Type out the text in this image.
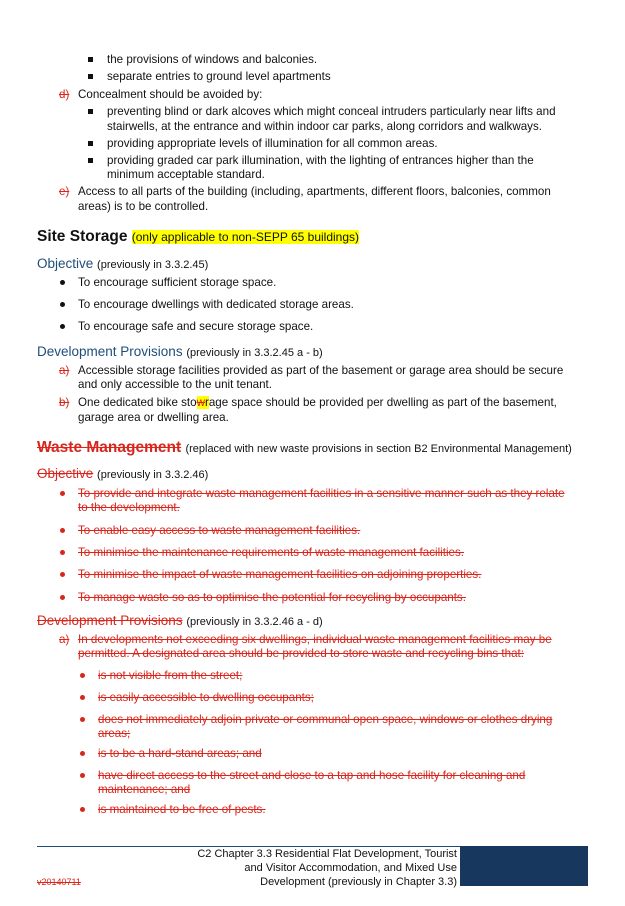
the provisions of windows and balconies.
separate entries to ground level apartments
d) Concealment should be avoided by:
preventing blind or dark alcoves which might conceal intruders particularly near lifts and
stairwells, at the entrance and within indoor car parks, along corridors and walkways.
providing appropriate levels of illumination for all common areas.
providing graded car park illumination, with the lighting of entrances higher than the
minimum acceptable standard.
e) Access to all parts of the building (including, apartments, different floors, balconies, common
areas) is to be controlled.
Site Storage (only applicable to non-SEPP 65 buildings)
Objective (previously in 3.3.2.45)
To encourage sufficient storage space.
To encourage dwellings with dedicated storage areas.
To encourage safe and secure storage space.
Development Provisions (previously in 3.3.2.45 a - b)
a) Accessible storage facilities provided as part of the basement or garage area should be secure
and only accessible to the unit tenant.
b) One dedicated bike stowrage space should be provided per dwelling as part of the basement,
garage area or dwelling area.
Waste Management (replaced with new waste provisions in section B2 Environmental Management)
Objective (previously in 3.3.2.46)
To provide and integrate waste management facilities in a sensitive manner such as they relate
to the development.
To enable easy access to waste management facilities.
To minimise the maintenance requirements of waste management facilities.
To minimise the impact of waste management facilities on adjoining properties.
To manage waste so as to optimise the potential for recycling by occupants.
Development Provisions (previously in 3.3.2.46 a - d)
a) In developments not exceeding six dwellings, individual waste management facilities may be
permitted. A designated area should be provided to store waste and recycling bins that:
is not visible from the street;
is easily accessible to dwelling occupants;
does not immediately adjoin private or communal open space, windows or clothes drying
areas;
is to be a hard-stand areas; and
have direct access to the street and close to a tap and hose facility for cleaning and
maintenance; and
is maintained to be free of pests.
C2 Chapter 3.3 Residential Flat Development, Tourist
and Visitor Accommodation, and Mixed Use
Development (previously in Chapter 3.3)
v20140711
